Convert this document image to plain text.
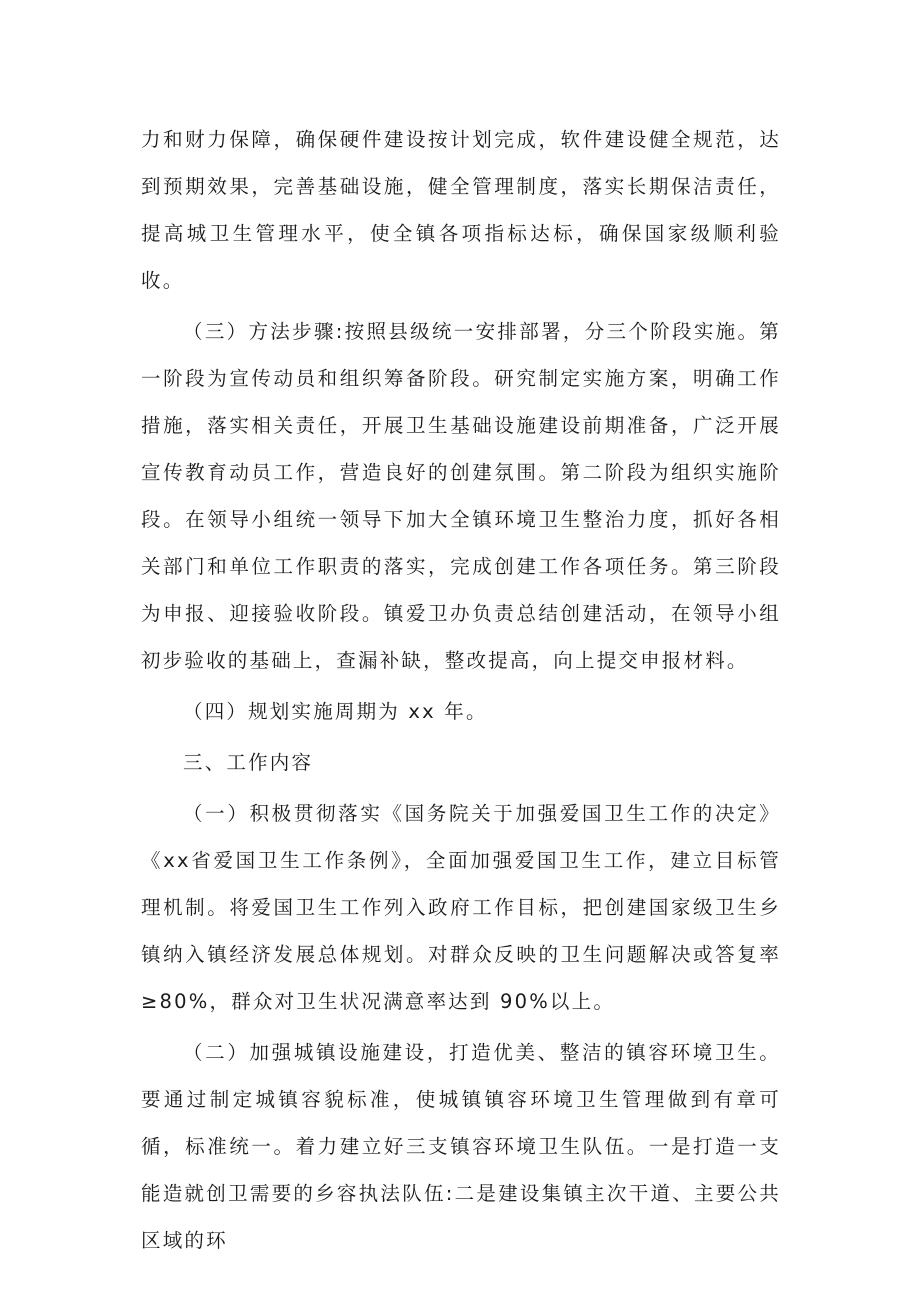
力和财力保障，确保硬件建设按计划完成，软件建设健全规范，达到预期效果，完善基础设施，健全管理制度，落实长期保洁责任，提高城卫生管理水平，使全镇各项指标达标，确保国家级顺利验收。

（三）方法步骤:按照县级统一安排部署，分三个阶段实施。第一阶段为宣传动员和组织筹备阶段。研究制定实施方案，明确工作措施，落实相关责任，开展卫生基础设施建设前期准备，广泛开展宣传教育动员工作，营造良好的创建氛围。第二阶段为组织实施阶段。在领导小组统一领导下加大全镇环境卫生整治力度，抓好各相关部门和单位工作职责的落实，完成创建工作各项任务。第三阶段为申报、迎接验收阶段。镇爱卫办负责总结创建活动，在领导小组初步验收的基础上，查漏补缺，整改提高，向上提交申报材料。

（四）规划实施周期为 xx 年。

三、工作内容

（一）积极贯彻落实《国务院关于加强爱国卫生工作的决定》《xx省爱国卫生工作条例》，全面加强爱国卫生工作，建立目标管理机制。将爱国卫生工作列入政府工作目标，把创建国家级卫生乡镇纳入镇经济发展总体规划。对群众反映的卫生问题解决或答复率≥80%，群众对卫生状况满意率达到 90%以上。

（二）加强城镇设施建设，打造优美、整洁的镇容环境卫生。要通过制定城镇容貌标准，使城镇镇容环境卫生管理做到有章可循，标准统一。着力建立好三支镇容环境卫生队伍。一是打造一支能造就创卫需要的乡容执法队伍:二是建设集镇主次干道、主要公共区域的环
